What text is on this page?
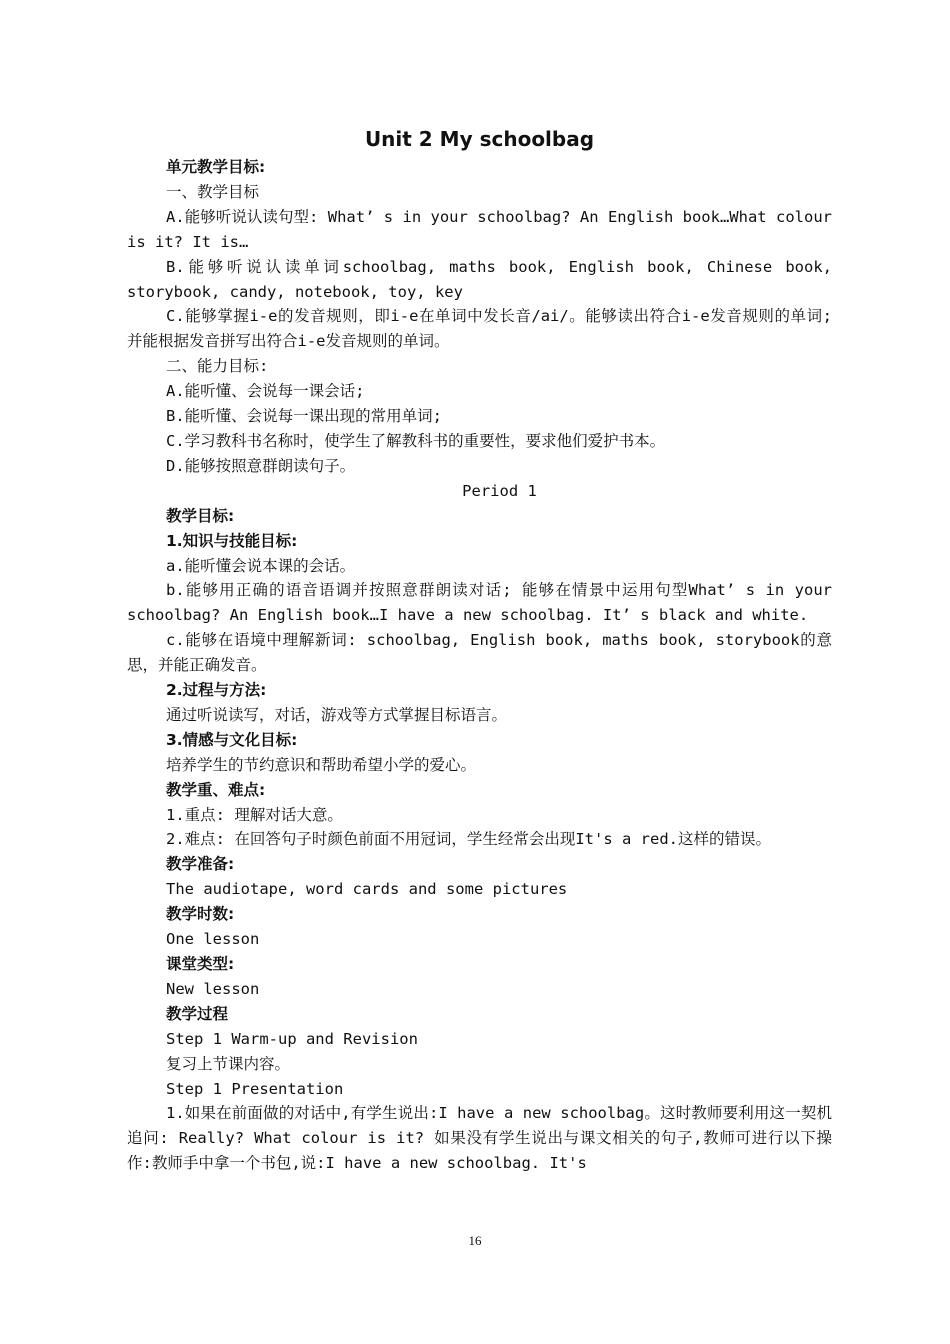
Unit 2 My schoolbag

单元教学目标:

一、教学目标

A.能够听说认读句型: What’ s in your schoolbag? An English book…What colour is it? It is…

B.能够听说认读单词schoolbag, maths book, English book, Chinese book, storybook, candy, notebook, toy, key

C.能够掌握i-e的发音规则，即i-e在单词中发长音/ai/。能够读出符合i-e发音规则的单词; 并能根据发音拼写出符合i-e发音规则的单词。

二、能力目标:

A.能听懂、会说每一课会话;

B.能听懂、会说每一课出现的常用单词;

C.学习教科书名称时，使学生了解教科书的重要性，要求他们爱护书本。

D.能够按照意群朗读句子。

Period 1

教学目标:

1.知识与技能目标:

a.能听懂会说本课的会话。

b.能够用正确的语音语调并按照意群朗读对话; 能够在情景中运用句型What’ s in your schoolbag? An English book…I have a new schoolbag. It’ s black and white.

c.能够在语境中理解新词: schoolbag, English book, maths book, storybook的意思，并能正确发音。

2.过程与方法:

通过听说读写，对话，游戏等方式掌握目标语言。

3.情感与文化目标:

培养学生的节约意识和帮助希望小学的爱心。

教学重、难点:

1.重点: 理解对话大意。

2.难点: 在回答句子时颜色前面不用冠词，学生经常会出现It's a red.这样的错误。

教学准备:

The audiotape, word cards and some pictures

教学时数:

One lesson

课堂类型:

New lesson

教学过程

Step 1 Warm-up and Revision

复习上节课内容。

Step 1 Presentation

1.如果在前面做的对话中,有学生说出:I have a new schoolbag。这时教师要利用这一契机追问: Really? What colour is it? 如果没有学生说出与课文相关的句子,教师可进行以下操作:教师手中拿一个书包,说:I have a new schoolbag. It's

16
